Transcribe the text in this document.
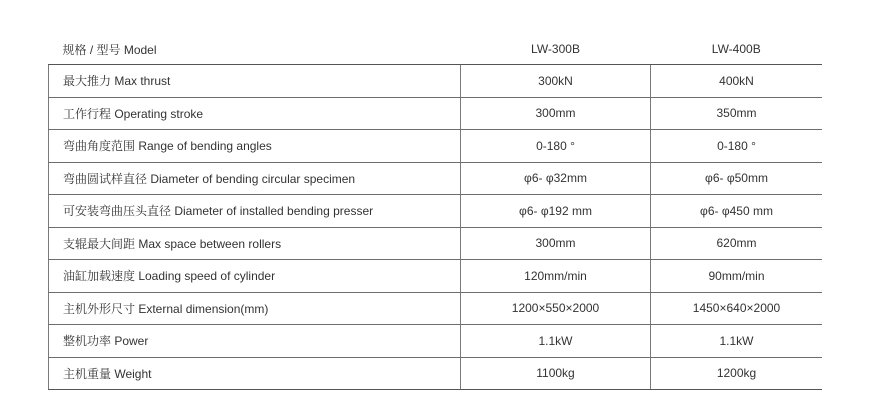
规格 / 型号 Model	LW-300B	LW-400B
最大推力 Max thrust	300kN	400kN
工作行程 Operating stroke	300mm	350mm
弯曲角度范围 Range of bending angles	0-180 °	0-180 °
弯曲圆试样直径 Diameter of bending circular specimen	φ6- φ32mm	φ6- φ50mm
可安装弯曲压头直径 Diameter of installed bending presser	φ6- φ192 mm	φ6- φ450 mm
支辊最大间距 Max space between rollers	300mm	620mm
油缸加载速度 Loading speed of cylinder	120mm/min	90mm/min
主机外形尺寸 External dimension(mm)	1200×550×2000	1450×640×2000
整机功率 Power	1.1kW	1.1kW
主机重量 Weight	1100kg	1200kg
